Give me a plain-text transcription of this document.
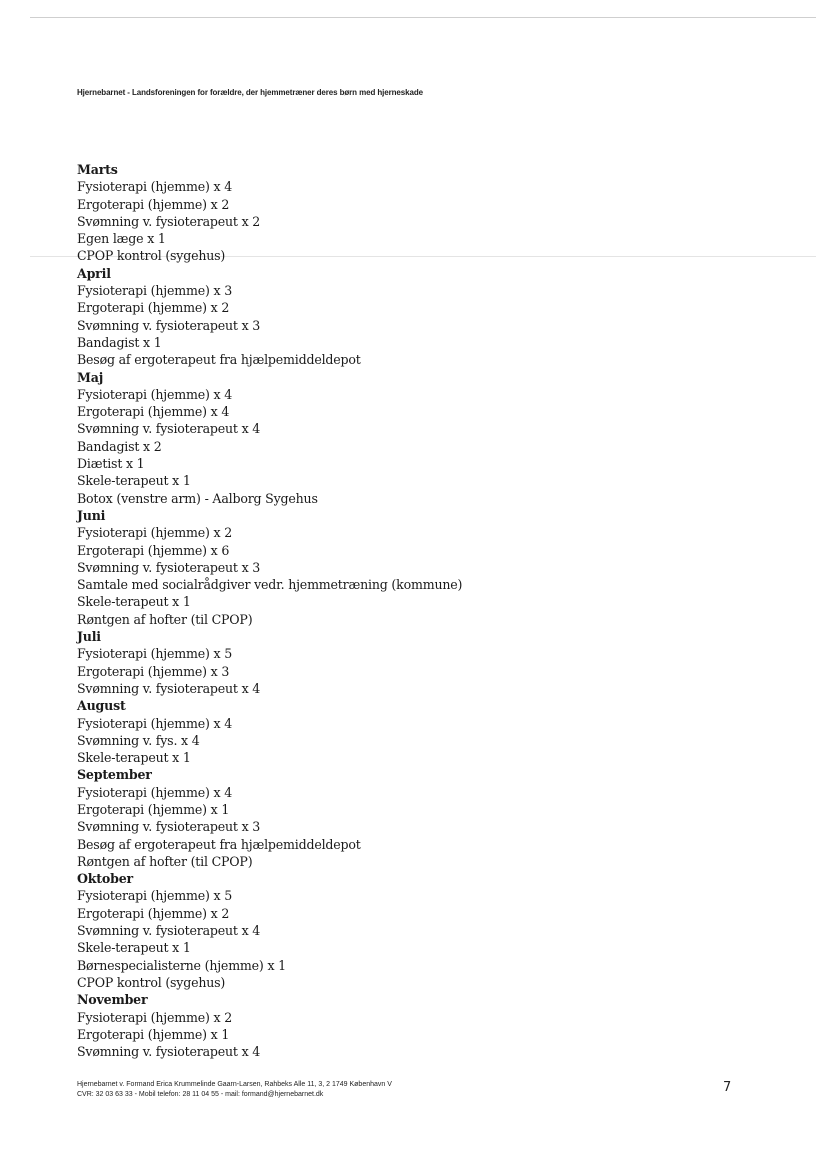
Hjernebarnet - Landsforeningen for forældre, der hjemmetræner deres børn med hjerneskade
Marts
Fysioterapi (hjemme) x 4
Ergoterapi (hjemme) x 2
Svømning v. fysioterapeut x 2
Egen læge x 1
CPOP kontrol (sygehus)
April
Fysioterapi (hjemme) x 3
Ergoterapi (hjemme) x 2
Svømning v. fysioterapeut x 3
Bandagist x 1
Besøg af ergoterapeut fra hjælpemiddeldepot
Maj
Fysioterapi (hjemme) x 4
Ergoterapi (hjemme) x 4
Svømning v. fysioterapeut x 4
Bandagist x 2
Diætist x 1
Skele-terapeut x 1
Botox (venstre arm) - Aalborg Sygehus
Juni
Fysioterapi (hjemme) x 2
Ergoterapi (hjemme) x 6
Svømning v. fysioterapeut x 3
Samtale med socialrådgiver vedr. hjemmetræning (kommune)
Skele-terapeut x 1
Røntgen af hofter (til CPOP)
Juli
Fysioterapi (hjemme) x 5
Ergoterapi (hjemme) x 3
Svømning v. fysioterapeut x 4
August
Fysioterapi (hjemme) x 4
Svømning v. fys. x 4
Skele-terapeut x 1
September
Fysioterapi (hjemme) x 4
Ergoterapi (hjemme) x 1
Svømning v. fysioterapeut x 3
Besøg af ergoterapeut fra hjælpemiddeldepot
Røntgen af hofter (til CPOP)
Oktober
Fysioterapi (hjemme) x 5
Ergoterapi (hjemme) x 2
Svømning v. fysioterapeut x 4
Skele-terapeut x 1
Børnespecialisterne (hjemme) x 1
CPOP kontrol (sygehus)
November
Fysioterapi (hjemme) x 2
Ergoterapi (hjemme) x 1
Svømning v. fysioterapeut x 4
Hjernebarnet v. Formand Erica Krummelinde Gaarn-Larsen, Rahbeks Alle 11, 3, 2 1749 København V
CVR: 32 03 63 33 - Mobil telefon: 28 11 04 55 - mail: formand@hjernebarnet.dk	7
